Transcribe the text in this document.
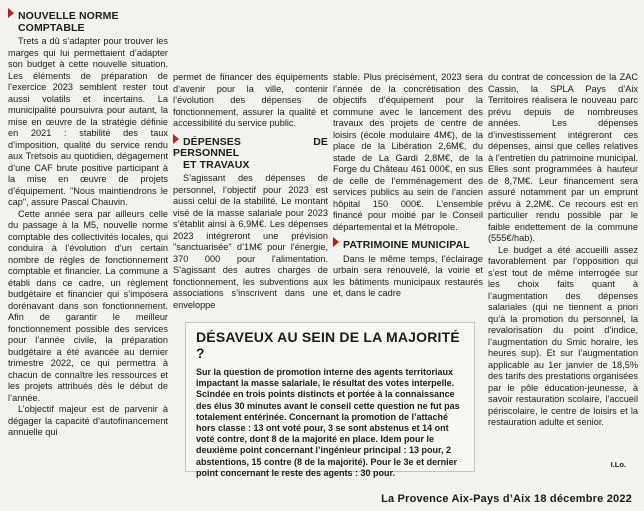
NOUVELLE NORME
COMPTABLE

Trets a dû s’adapter pour trouver les marges qui lui permettaient d’adapter son budget à cette nouvelle situation. Les éléments de préparation de l’exercice 2023 semblent rester tout aussi volatils et incertains. La municipalité poursuivra pour autant, la mise en œuvre de la stratégie définie en 2021 : stabilité des taux d’imposition, qualité du service rendu aux Tretsois au quotidien, dégagement d’une CAF brute positive participant à la mise en œuvre de projets d’équipement. "Nous maintiendrons le cap", assure Pascal Chauvin.

Cette année sera par ailleurs celle du passage à la M5, nouvelle norme comptable des collectivités locales, qui conduira à l’évolution d’un certain nombre de règles de fonctionnement comptable et financier. La commune a établi dans ce cadre, un règlement budgétaire et financier qui s’imposera dorénavant dans son fonctionnement. Afin de garantir le meilleur fonctionnement possible des services pour l’année civile, la préparation budgétaire a été avancée au dernier trimestre 2022, ce qui permettra à chacun de connaître les ressources et les projets attribués dès le début de l’année.

L’objectif majeur est de parvenir à dégager la capacité d’autofinancement annuelle qui

permet de financer des équipements d’avenir pour la ville, contenir l’évolution des dépenses de fonctionnement, assurer la qualité et accessibilité du service public.

DÉPENSES DE PERSONNEL
ET TRAVAUX

S’agissant des dépenses de personnel, l’objectif pour 2023 est aussi celui de la stabilité. Le montant visé de la masse salariale pour 2023 s’établit ainsi à 6,9M€. Les dépenses 2023 intégreront une prévision "sanctuarisée" d’1M€ pour l’énergie, 370 000 pour l’alimentation. S’agissant des autres charges de fonctionnement, les subventions aux associations s’inscrivent dans une enveloppe

stable. Plus précisément, 2023 sera l’année de la concrétisation des objectifs d’équipement pour la commune avec le lancement des travaux des projets de centre de loisirs (école modulaire 4M€), de la place de la Libération 2,6M€, du stade de La Gardi 2,8M€, de la Forge du Château 461 000€, en sus de celle de l’emménagement des services publics au sein de l’ancien hôpital 150 000€. L’ensemble financé pour moitié par le Conseil départemental et la Métropole.

PATRIMOINE MUNICIPAL

Dans le même temps, l’éclairage urbain sera renouvelé, la voirie et les bâtiments municipaux restaurés et, dans le cadre

du contrat de concession de la ZAC Cassin, la SPLA Pays d’Aix Territoires réalisera le nouveau parc prévu depuis de nombreuses années. Les dépenses d’investissement intégreront ces dépenses, ainsi que celles relatives à l’entretien du patrimoine municipal. Elles sont programmées à hauteur de 8,7M€. Leur financement sera assuré notamment par un emprunt prévu à 2,2M€. Ce recours est en particulier rendu possible par le faible endettement de la commune (555€/hab).

Le budget a été accueilli assez favorablement par l’opposition qui s’est tout de même interrogée sur les choix faits quant à l’augmentation des dépenses salariales (qui ne tiennent a priori qu’à la promotion du personnel, la revalorisation du point d’indice, l’augmentation du Smic horaire, les heures sup). Et sur l’augmentation applicable au 1er janvier de 18,5% des tarifs des prestations organisées par le pôle éducation-jeunesse, à savoir restauration scolaire, l’accueil périscolaire, le centre de loisirs et la restauration adulte et senior.

DÉSAVEUX AU SEIN DE LA MAJORITÉ ?

Sur la question de promotion interne des agents territoriaux impactant la masse salariale, le résultat des votes interpelle. Scindée en trois points distincts et portée à la connaissance des élus 30 minutes avant le conseil cette question ne fut pas totalement entérinée. Concernant la promotion de l’attaché hors classe : 13 ont voté pour, 3 se sont abstenus et 14 ont voté contre, dont 8 de la majorité en place. Idem pour le deuxième point concernant l’ingénieur principal : 13 pour, 2 abstentions, 15 contre (8 de la majorité). Pour le 3e et dernier point concernant le reste des agents : 30 pour.

I.Lo.
La Provence Aix-Pays d’Aix 18 décembre 2022
